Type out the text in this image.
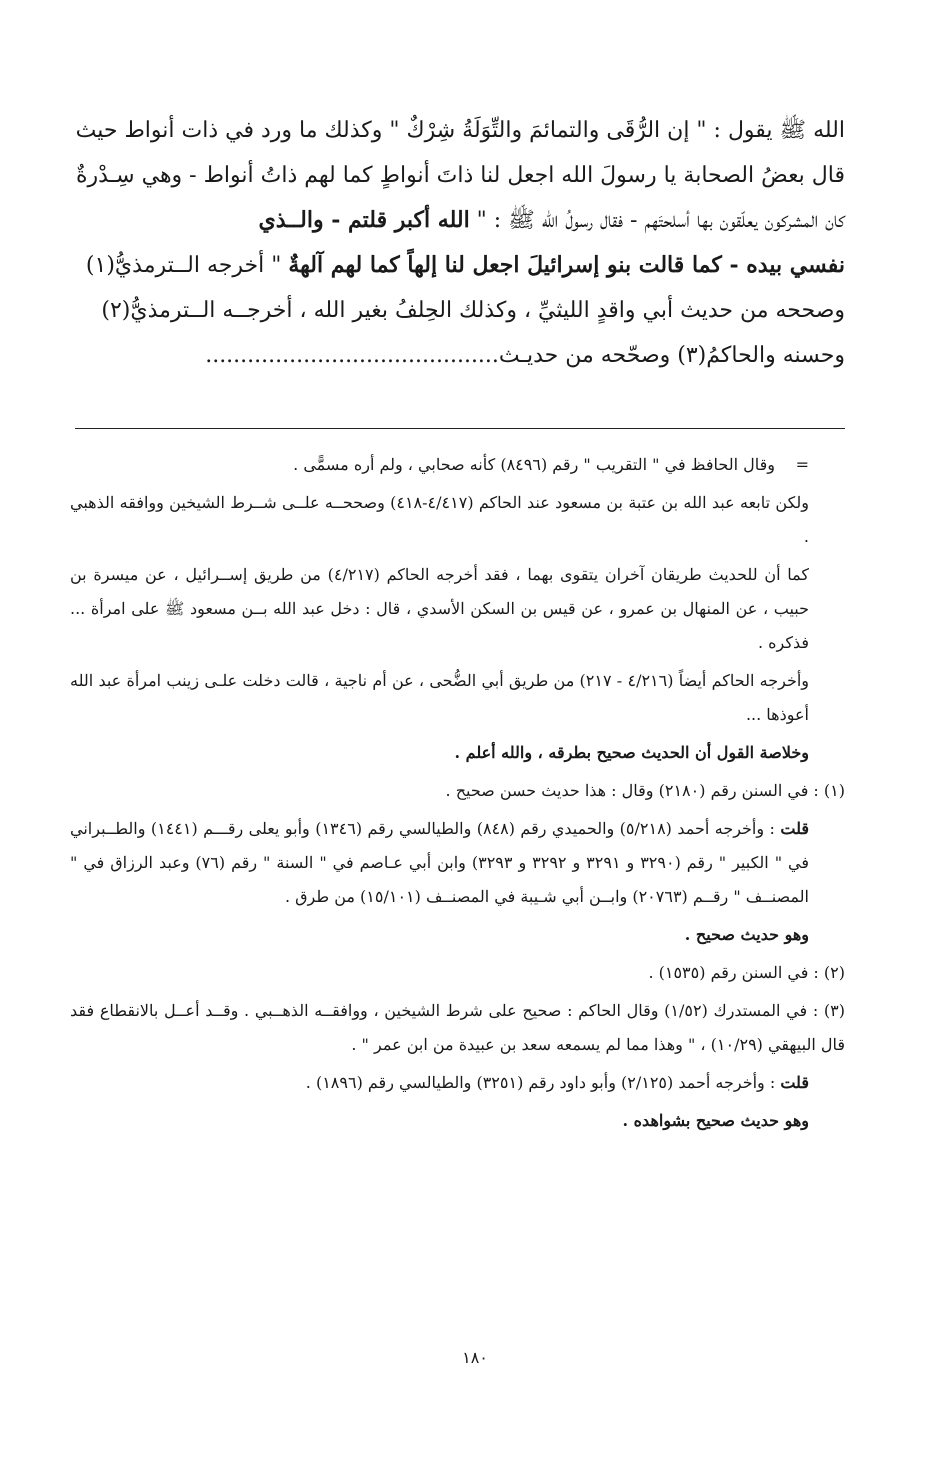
الله ﷺ يقول : " إن الرُّقَى والتمائمَ والتِّوَلَةُ شِرْكٌ " وكذلك ما ورد في ذات أنواط حيث

قال بعضُ الصحابة يا رسولَ الله اجعل لنا ذاتَ أنواطٍ كما لهم ذاتُ أنواط - وهي سِـدْرةٌ

كان المشركون يعلّقون بها أسلحتَهم - فقال رسولُ الله ﷺ : " الله أكبر قلتم - والــذي

نفسي بيده - كما قالت بنو إسرائيلَ اجعل لنا إلهاً كما لهم آلهةٌ " أخرجه الــترمذيُّ(١)

وصححه من حديث أبي واقدٍ الليثيِّ ، وكذلك الحِلفُ بغير الله ، أخرجــه الــترمذيُّ(٢)

وحسنه والحاكمُ(٣) وصحّحه من حديـث..........................................

=وقال الحافظ في " التقريب " رقم (٨٤٩٦) كأنه صحابي ، ولم أره مسمًّى .

ولكن تابعه عبد الله بن عتبة بن مسعود عند الحاكم (٤/٤١٧-٤١٨) وصححــه علــى شــرط الشيخين ووافقه الذهبي .

كما أن للحديث طريقان آخران يتقوى بهما ، فقد أخرجه الحاكم (٤/٢١٧) من طريق إســرائيل ، عن ميسرة بن حبيب ، عن المنهال بن عمرو ، عن قيس بن السكن الأسدي ، قال : دخل عبد الله بــن مسعود ﷺ على امرأة ... فذكره .

وأخرجه الحاكم أيضاً (٤/٢١٦ - ٢١٧) من طريق أبي الضُّحى ، عن أم ناجية ، قالت دخلت علـى زينب امرأة عبد الله أعوذها ...

وخلاصة القول أن الحديث صحيح بطرقه ، والله أعلم .

(١) : في السنن رقم (٢١٨٠) وقال : هذا حديث حسن صحيح .

قلت : وأخرجه أحمد (٥/٢١٨) والحميدي رقم (٨٤٨) والطيالسي رقم (١٣٤٦) وأبو يعلى رقـــم (١٤٤١) والطــبراني في " الكبير " رقم (٣٢٩٠ و ٣٢٩١ و ٣٢٩٢ و ٣٢٩٣) وابن أبي عـاصم في " السنة " رقم (٧٦) وعبد الرزاق في " المصنــف " رقــم (٢٠٧٦٣) وابــن أبي شـيبة في المصنــف (١٥/١٠١) من طرق .

وهو حديث صحيح .

(٢) : في السنن رقم (١٥٣٥) .

(٣) : في المستدرك (١/٥٢) وقال الحاكم : صحيح على شرط الشيخين ، ووافقــه الذهــبي . وقــد أعــل بالانقطاع فقد قال البيهقي (١٠/٢٩) ، " وهذا مما لم يسمعه سعد بن عبيدة من ابن عمر " .

قلت : وأخرجه أحمد (٢/١٢٥) وأبو داود رقم (٣٢٥١) والطيالسي رقم (١٨٩٦) .

وهو حديث صحيح بشواهده .

١٨٠
